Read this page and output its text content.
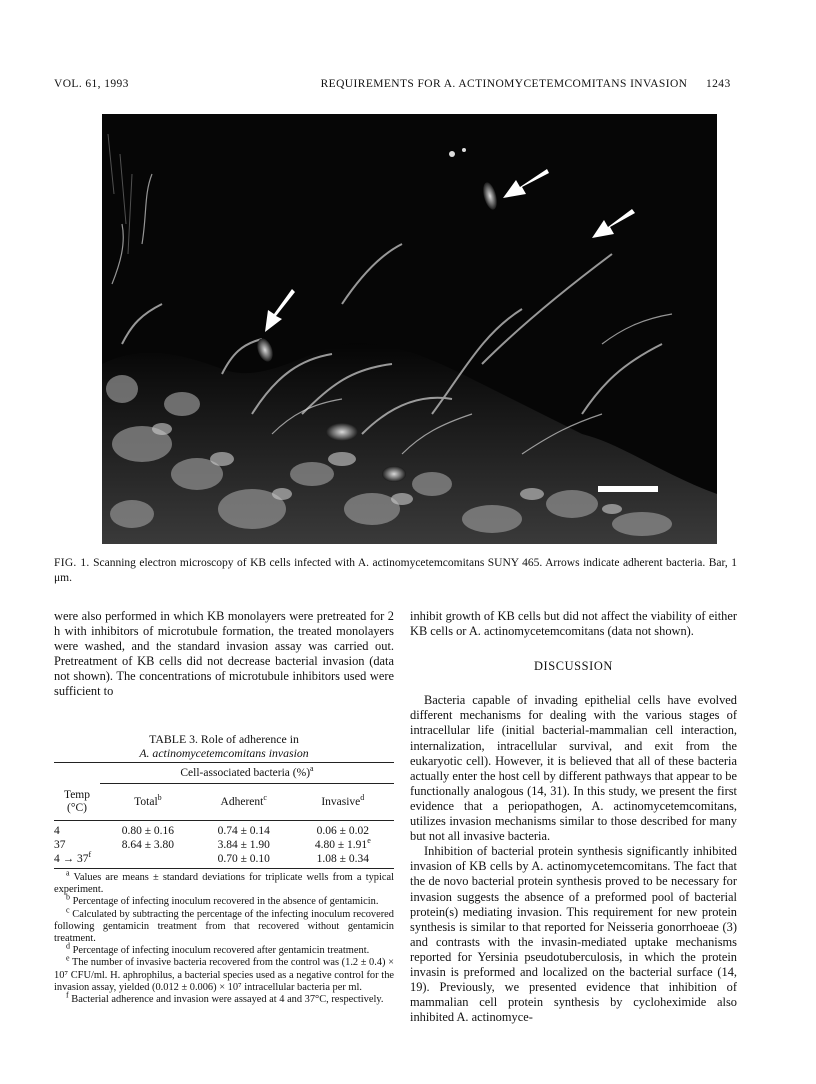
VOL. 61, 1993	REQUIREMENTS FOR A. ACTINOMYCETEMCOMITANS INVASION 1243
FIG. 1. Scanning electron microscopy of KB cells infected with A. actinomycetemcomitans SUNY 465. Arrows indicate adherent bacteria. Bar, 1 μm.

were also performed in which KB monolayers were pretreated for 2 h with inhibitors of microtubule formation, the treated monolayers were washed, and the standard invasion assay was carried out. Pretreatment of KB cells did not decrease bacterial invasion (data not shown). The concentrations of microtubule inhibitors used were sufficient to

TABLE 3. Role of adherence in
A. actinomycetemcomitans invasion
	Cell-associated bacteria (%)$^a$

Temp
(°C)	Total$^b$	Adherent$^c$	Invasive$^d$
4	0.80 ± 0.16	0.74 ± 0.14	0.06 ± 0.02
37	8.64 ± 3.80	3.84 ± 1.90	4.80 ± 1.91$^e$
$4 \to 37^f$		0.70 ± 0.10	1.08 ± 0.34

$^a$ Values are means ± standard deviations for triplicate wells from a typical experiment.

$^b$ Percentage of infecting inoculum recovered in the absence of gentamicin.

$^c$ Calculated by subtracting the percentage of the infecting inoculum recovered following gentamicin treatment from that recovered without gentamicin treatment.

$^d$ Percentage of infecting inoculum recovered after gentamicin treatment.

$^e$ The number of invasive bacteria recovered from the control was (1.2 ± 0.4) × 10⁷ CFU/ml. H. aphrophilus, a bacterial species used as a negative control for the invasion assay, yielded (0.012 ± 0.006) × 10⁷ intracellular bacteria per ml.

$^f$ Bacterial adherence and invasion were assayed at 4 and 37°C, respectively.

inhibit growth of KB cells but did not affect the viability of either KB cells or A. actinomycetemcomitans (data not shown).

DISCUSSION

Bacteria capable of invading epithelial cells have evolved different mechanisms for dealing with the various stages of intracellular life (initial bacterial-mammalian cell interaction, internalization, intracellular survival, and exit from the eukaryotic cell). However, it is believed that all of these bacteria actually enter the host cell by different pathways that appear to be functionally analogous (14, 31). In this study, we present the first evidence that a periopathogen, A. actinomycetemcomitans, utilizes invasion mechanisms similar to those described for many but not all invasive bacteria.

Inhibition of bacterial protein synthesis significantly inhibited invasion of KB cells by A. actinomycetemcomitans. The fact that the de novo bacterial protein synthesis proved to be necessary for invasion suggests the absence of a preformed pool of bacterial protein(s) mediating invasion. This requirement for new protein synthesis is similar to that reported for Neisseria gonorrhoeae (3) and contrasts with the invasin-mediated uptake mechanisms reported for Yersinia pseudotuberculosis, in which the protein invasin is preformed and localized on the bacterial surface (14, 19). Previously, we presented evidence that inhibition of mammalian cell protein synthesis by cycloheximide also inhibited A. actinomyce-
